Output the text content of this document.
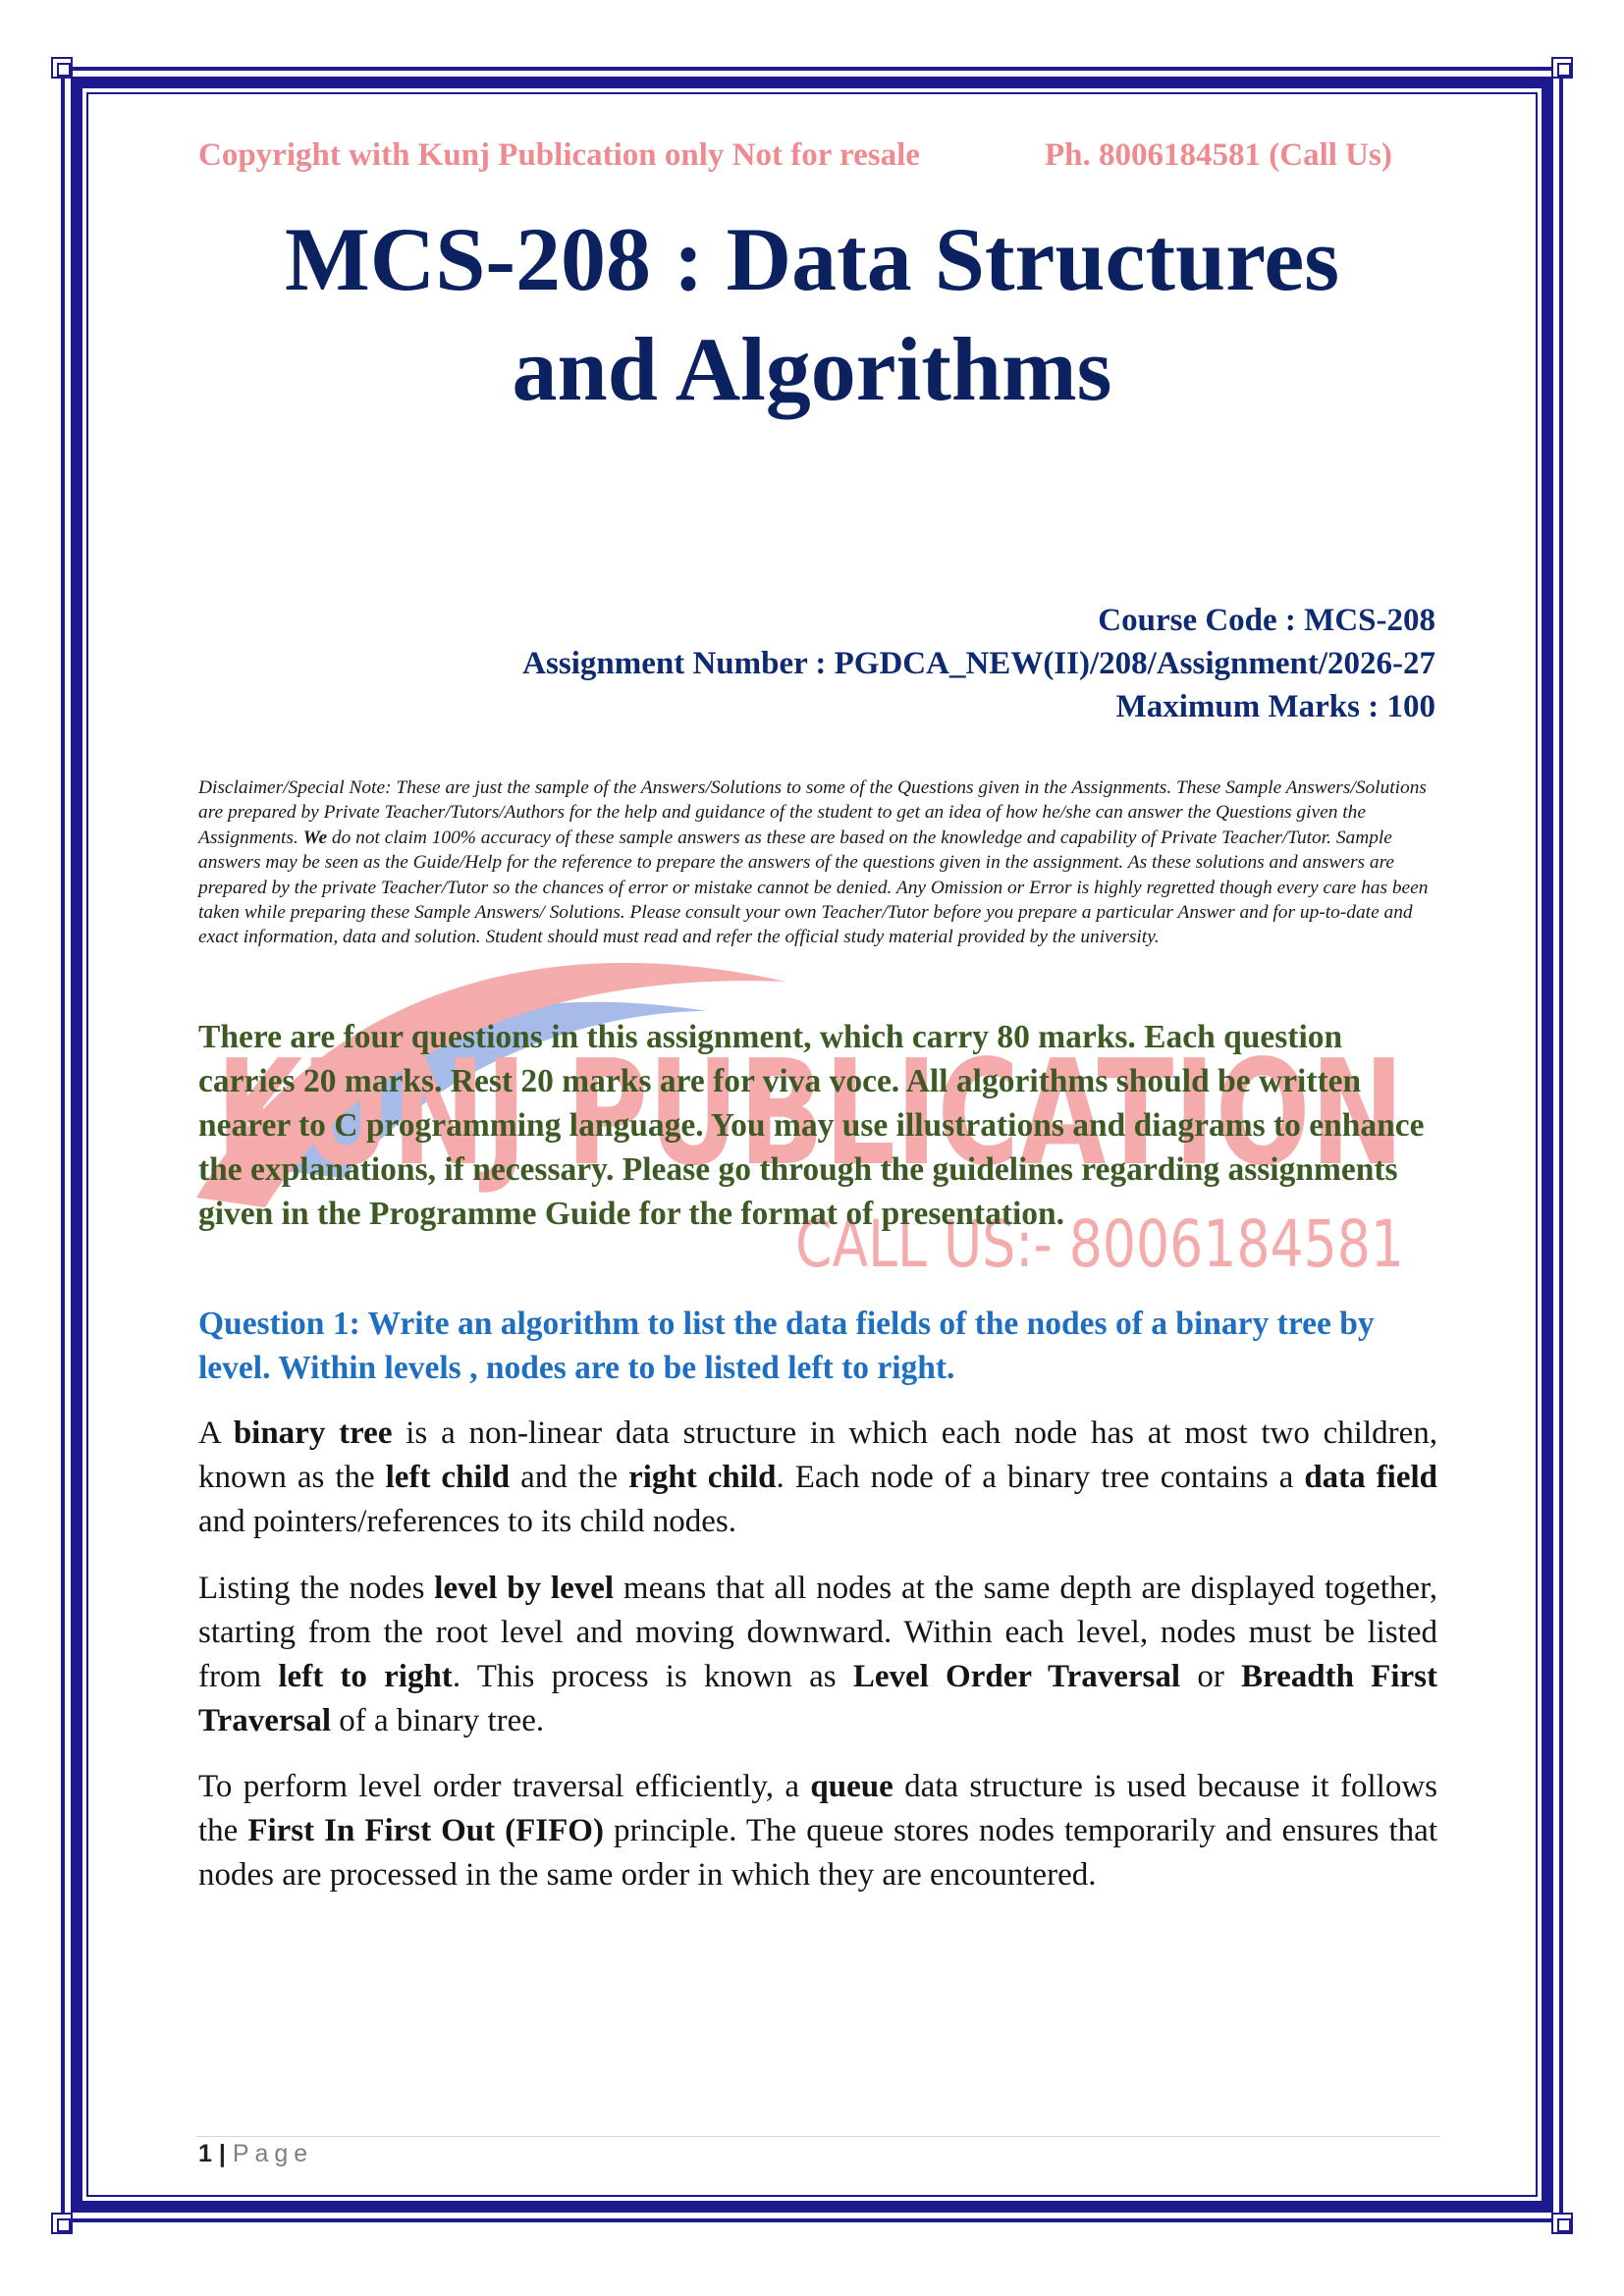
KUNJ PUBLICATION
CALL US:- 8006184581
Copyright with Kunj Publication only Not for resale	Ph. 8006184581 (Call Us)
MCS-208 : Data Structures
and Algorithms
Course Code : MCS-208
Assignment Number : PGDCA_NEW(II)/208/Assignment/2026-27
Maximum Marks : 100
Disclaimer/Special Note: These are just the sample of the Answers/Solutions to some of the Questions given in the Assignments. These Sample Answers/Solutions are prepared by Private Teacher/Tutors/Authors for the help and guidance of the student to get an idea of how he/she can answer the Questions given the Assignments. We do not claim 100% accuracy of these sample answers as these are based on the knowledge and capability of Private Teacher/Tutor. Sample answers may be seen as the Guide/Help for the reference to prepare the answers of the questions given in the assignment. As these solutions and answers are prepared by the private Teacher/Tutor so the chances of error or mistake cannot be denied. Any Omission or Error is highly regretted though every care has been taken while preparing these Sample Answers/ Solutions. Please consult your own Teacher/Tutor before you prepare a particular Answer and for up-to-date and exact information, data and solution. Student should must read and refer the official study material provided by the university.
There are four questions in this assignment, which carry 80 marks. Each question carries 20 marks. Rest 20 marks are for viva voce. All algorithms should be written nearer to C programming language. You may use illustrations and diagrams to enhance the explanations, if necessary. Please go through the guidelines regarding assignments given in the Programme Guide for the format of presentation.
Question 1: Write an algorithm to list the data fields of the nodes of a binary tree by level. Within levels , nodes are to be listed left to right.
A binary tree is a non-linear data structure in which each node has at most two children, known as the left child and the right child. Each node of a binary tree contains a data field and pointers/references to its child nodes.
Listing the nodes level by level means that all nodes at the same depth are displayed together, starting from the root level and moving downward. Within each level, nodes must be listed from left to right. This process is known as Level Order Traversal or Breadth First Traversal of a binary tree.
To perform level order traversal efficiently, a queue data structure is used because it follows the First In First Out (FIFO) principle. The queue stores nodes temporarily and ensures that nodes are processed in the same order in which they are encountered.
1 | Page
